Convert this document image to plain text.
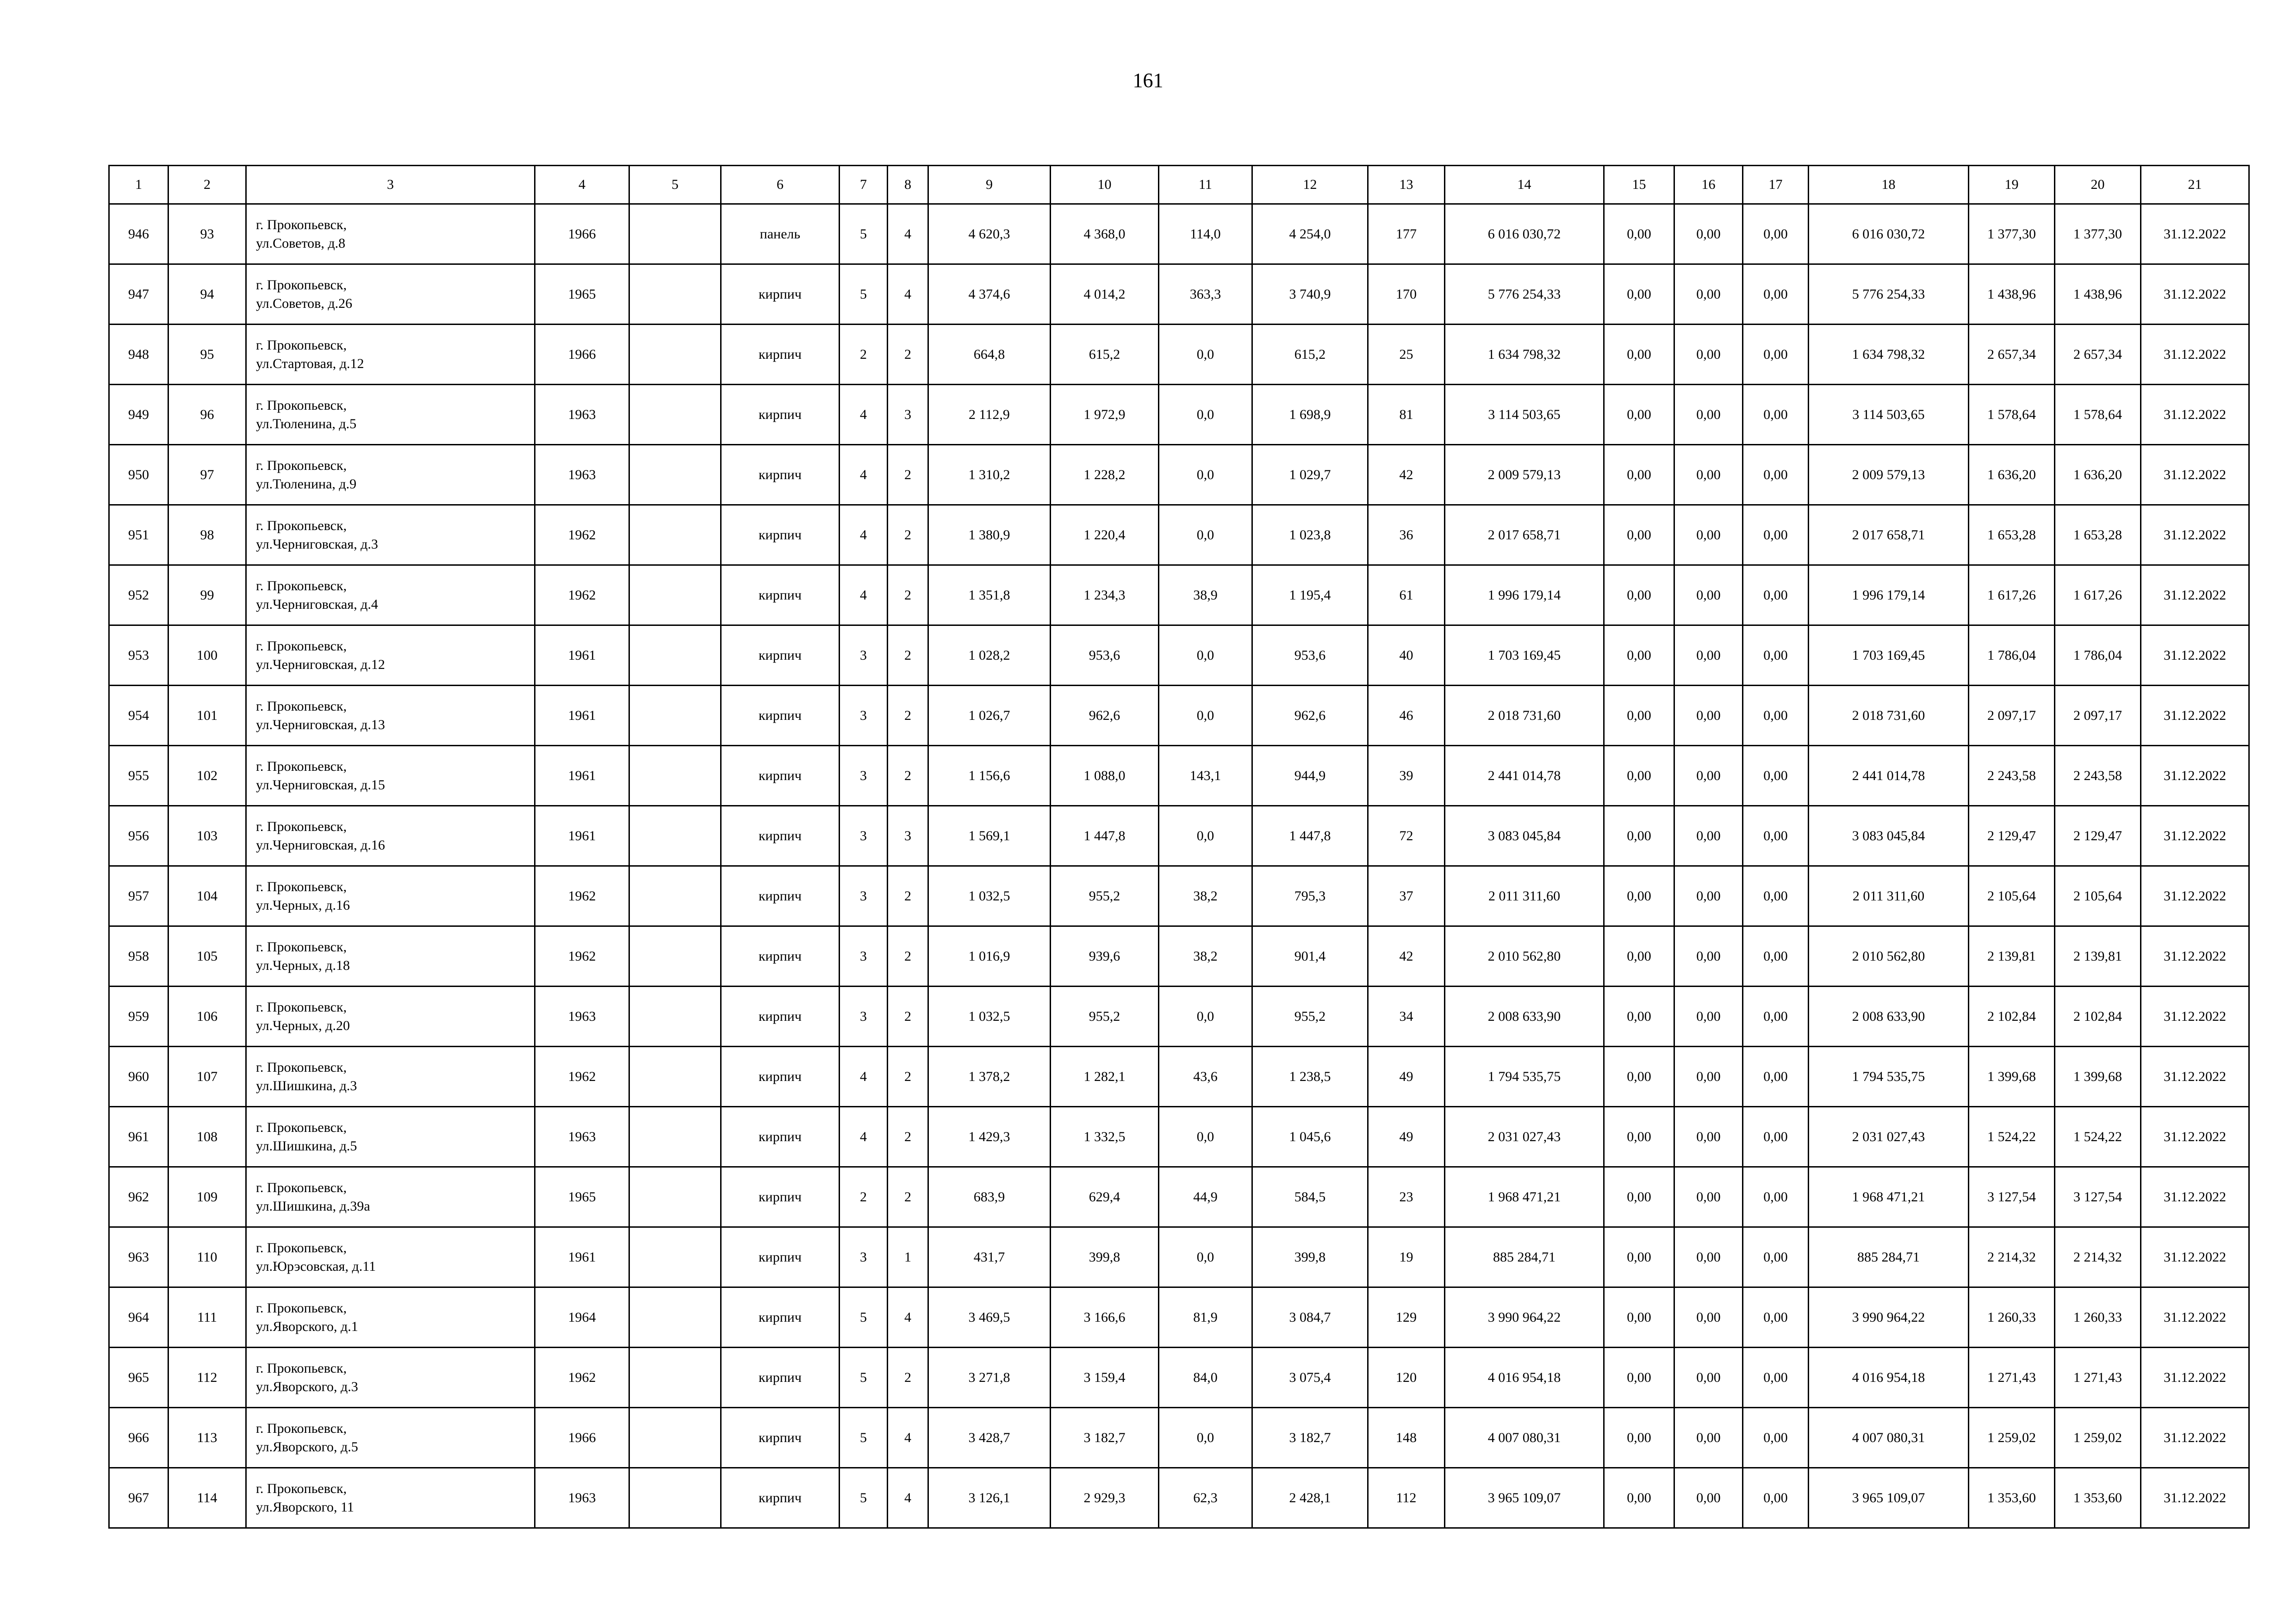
161
1	2	3	4	5	6	7	8	9	10	11	12	13	14	15	16	17	18	19	20	21
946	93	г. Прокопьевск,
ул.Советов, д.8	1966		панель	5	4	4 620,3	4 368,0	114,0	4 254,0	177	6 016 030,72	0,00	0,00	0,00	6 016 030,72	1 377,30	1 377,30	31.12.2022
947	94	г. Прокопьевск,
ул.Советов, д.26	1965		кирпич	5	4	4 374,6	4 014,2	363,3	3 740,9	170	5 776 254,33	0,00	0,00	0,00	5 776 254,33	1 438,96	1 438,96	31.12.2022
948	95	г. Прокопьевск,
ул.Стартовая, д.12	1966		кирпич	2	2	664,8	615,2	0,0	615,2	25	1 634 798,32	0,00	0,00	0,00	1 634 798,32	2 657,34	2 657,34	31.12.2022
949	96	г. Прокопьевск,
ул.Тюленина, д.5	1963		кирпич	4	3	2 112,9	1 972,9	0,0	1 698,9	81	3 114 503,65	0,00	0,00	0,00	3 114 503,65	1 578,64	1 578,64	31.12.2022
950	97	г. Прокопьевск,
ул.Тюленина, д.9	1963		кирпич	4	2	1 310,2	1 228,2	0,0	1 029,7	42	2 009 579,13	0,00	0,00	0,00	2 009 579,13	1 636,20	1 636,20	31.12.2022
951	98	г. Прокопьевск,
ул.Черниговская, д.3	1962		кирпич	4	2	1 380,9	1 220,4	0,0	1 023,8	36	2 017 658,71	0,00	0,00	0,00	2 017 658,71	1 653,28	1 653,28	31.12.2022
952	99	г. Прокопьевск,
ул.Черниговская, д.4	1962		кирпич	4	2	1 351,8	1 234,3	38,9	1 195,4	61	1 996 179,14	0,00	0,00	0,00	1 996 179,14	1 617,26	1 617,26	31.12.2022
953	100	г. Прокопьевск,
ул.Черниговская, д.12	1961		кирпич	3	2	1 028,2	953,6	0,0	953,6	40	1 703 169,45	0,00	0,00	0,00	1 703 169,45	1 786,04	1 786,04	31.12.2022
954	101	г. Прокопьевск,
ул.Черниговская, д.13	1961		кирпич	3	2	1 026,7	962,6	0,0	962,6	46	2 018 731,60	0,00	0,00	0,00	2 018 731,60	2 097,17	2 097,17	31.12.2022
955	102	г. Прокопьевск,
ул.Черниговская, д.15	1961		кирпич	3	2	1 156,6	1 088,0	143,1	944,9	39	2 441 014,78	0,00	0,00	0,00	2 441 014,78	2 243,58	2 243,58	31.12.2022
956	103	г. Прокопьевск,
ул.Черниговская, д.16	1961		кирпич	3	3	1 569,1	1 447,8	0,0	1 447,8	72	3 083 045,84	0,00	0,00	0,00	3 083 045,84	2 129,47	2 129,47	31.12.2022
957	104	г. Прокопьевск,
ул.Черных, д.16	1962		кирпич	3	2	1 032,5	955,2	38,2	795,3	37	2 011 311,60	0,00	0,00	0,00	2 011 311,60	2 105,64	2 105,64	31.12.2022
958	105	г. Прокопьевск,
ул.Черных, д.18	1962		кирпич	3	2	1 016,9	939,6	38,2	901,4	42	2 010 562,80	0,00	0,00	0,00	2 010 562,80	2 139,81	2 139,81	31.12.2022
959	106	г. Прокопьевск,
ул.Черных, д.20	1963		кирпич	3	2	1 032,5	955,2	0,0	955,2	34	2 008 633,90	0,00	0,00	0,00	2 008 633,90	2 102,84	2 102,84	31.12.2022
960	107	г. Прокопьевск,
ул.Шишкина, д.3	1962		кирпич	4	2	1 378,2	1 282,1	43,6	1 238,5	49	1 794 535,75	0,00	0,00	0,00	1 794 535,75	1 399,68	1 399,68	31.12.2022
961	108	г. Прокопьевск,
ул.Шишкина, д.5	1963		кирпич	4	2	1 429,3	1 332,5	0,0	1 045,6	49	2 031 027,43	0,00	0,00	0,00	2 031 027,43	1 524,22	1 524,22	31.12.2022
962	109	г. Прокопьевск,
ул.Шишкина, д.39а	1965		кирпич	2	2	683,9	629,4	44,9	584,5	23	1 968 471,21	0,00	0,00	0,00	1 968 471,21	3 127,54	3 127,54	31.12.2022
963	110	г. Прокопьевск,
ул.Юрэсовская, д.11	1961		кирпич	3	1	431,7	399,8	0,0	399,8	19	885 284,71	0,00	0,00	0,00	885 284,71	2 214,32	2 214,32	31.12.2022
964	111	г. Прокопьевск,
ул.Яворского, д.1	1964		кирпич	5	4	3 469,5	3 166,6	81,9	3 084,7	129	3 990 964,22	0,00	0,00	0,00	3 990 964,22	1 260,33	1 260,33	31.12.2022
965	112	г. Прокопьевск,
ул.Яворского, д.3	1962		кирпич	5	2	3 271,8	3 159,4	84,0	3 075,4	120	4 016 954,18	0,00	0,00	0,00	4 016 954,18	1 271,43	1 271,43	31.12.2022
966	113	г. Прокопьевск,
ул.Яворского, д.5	1966		кирпич	5	4	3 428,7	3 182,7	0,0	3 182,7	148	4 007 080,31	0,00	0,00	0,00	4 007 080,31	1 259,02	1 259,02	31.12.2022
967	114	г. Прокопьевск,
ул.Яворского, 11	1963		кирпич	5	4	3 126,1	2 929,3	62,3	2 428,1	112	3 965 109,07	0,00	0,00	0,00	3 965 109,07	1 353,60	1 353,60	31.12.2022
